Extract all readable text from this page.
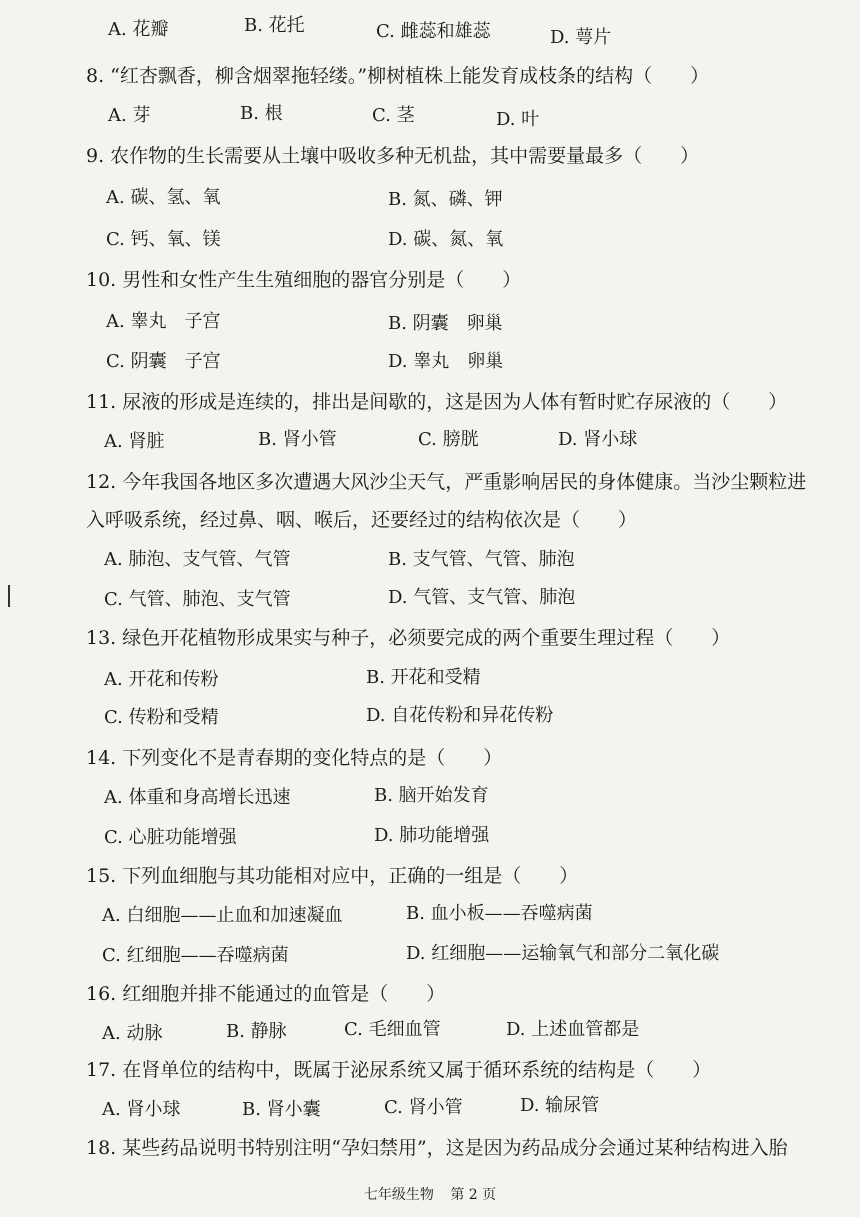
A. 花瓣	B. 花托	C. 雌蕊和雄蕊	D. 萼片
8. “红杏飘香，柳含烟翠拖轻缕。”柳树植株上能发育成枝条的结构（　　）
A. 芽	B. 根	C. 茎	D. 叶
9. 农作物的生长需要从土壤中吸收多种无机盐，其中需要量最多（　　）
A. 碳、氢、氧	B. 氮、磷、钾
C. 钙、氧、镁	D. 碳、氮、氧
10. 男性和女性产生生殖细胞的器官分别是（　　）
A. 睾丸　子宫	B. 阴囊　卵巢
C. 阴囊　子宫	D. 睾丸　卵巢
11. 尿液的形成是连续的，排出是间歇的，这是因为人体有暂时贮存尿液的（　　）
A. 肾脏	B. 肾小管	C. 膀胱	D. 肾小球
12. 今年我国各地区多次遭遇大风沙尘天气，严重影响居民的身体健康。当沙尘颗粒进
入呼吸系统，经过鼻、咽、喉后，还要经过的结构依次是（　　）
A. 肺泡、支气管、气管	B. 支气管、气管、肺泡
C. 气管、肺泡、支气管	D. 气管、支气管、肺泡
13. 绿色开花植物形成果实与种子，必须要完成的两个重要生理过程（　　）
A. 开花和传粉	B. 开花和受精
C. 传粉和受精	D. 自花传粉和异花传粉
14. 下列变化不是青春期的变化特点的是（　　）
A. 体重和身高增长迅速	B. 脑开始发育
C. 心脏功能增强	D. 肺功能增强
15. 下列血细胞与其功能相对应中，正确的一组是（　　）
A. 白细胞——止血和加速凝血	B. 血小板——吞噬病菌
C. 红细胞——吞噬病菌	D. 红细胞——运输氧气和部分二氧化碳
16. 红细胞并排不能通过的血管是（　　）
A. 动脉	B. 静脉	C. 毛细血管	D. 上述血管都是
17. 在肾单位的结构中，既属于泌尿系统又属于循环系统的结构是（　　）
A. 肾小球	B. 肾小囊	C. 肾小管	D. 输尿管
18. 某些药品说明书特别注明“孕妇禁用”，这是因为药品成分会通过某种结构进入胎
七年级生物 第 2 页
